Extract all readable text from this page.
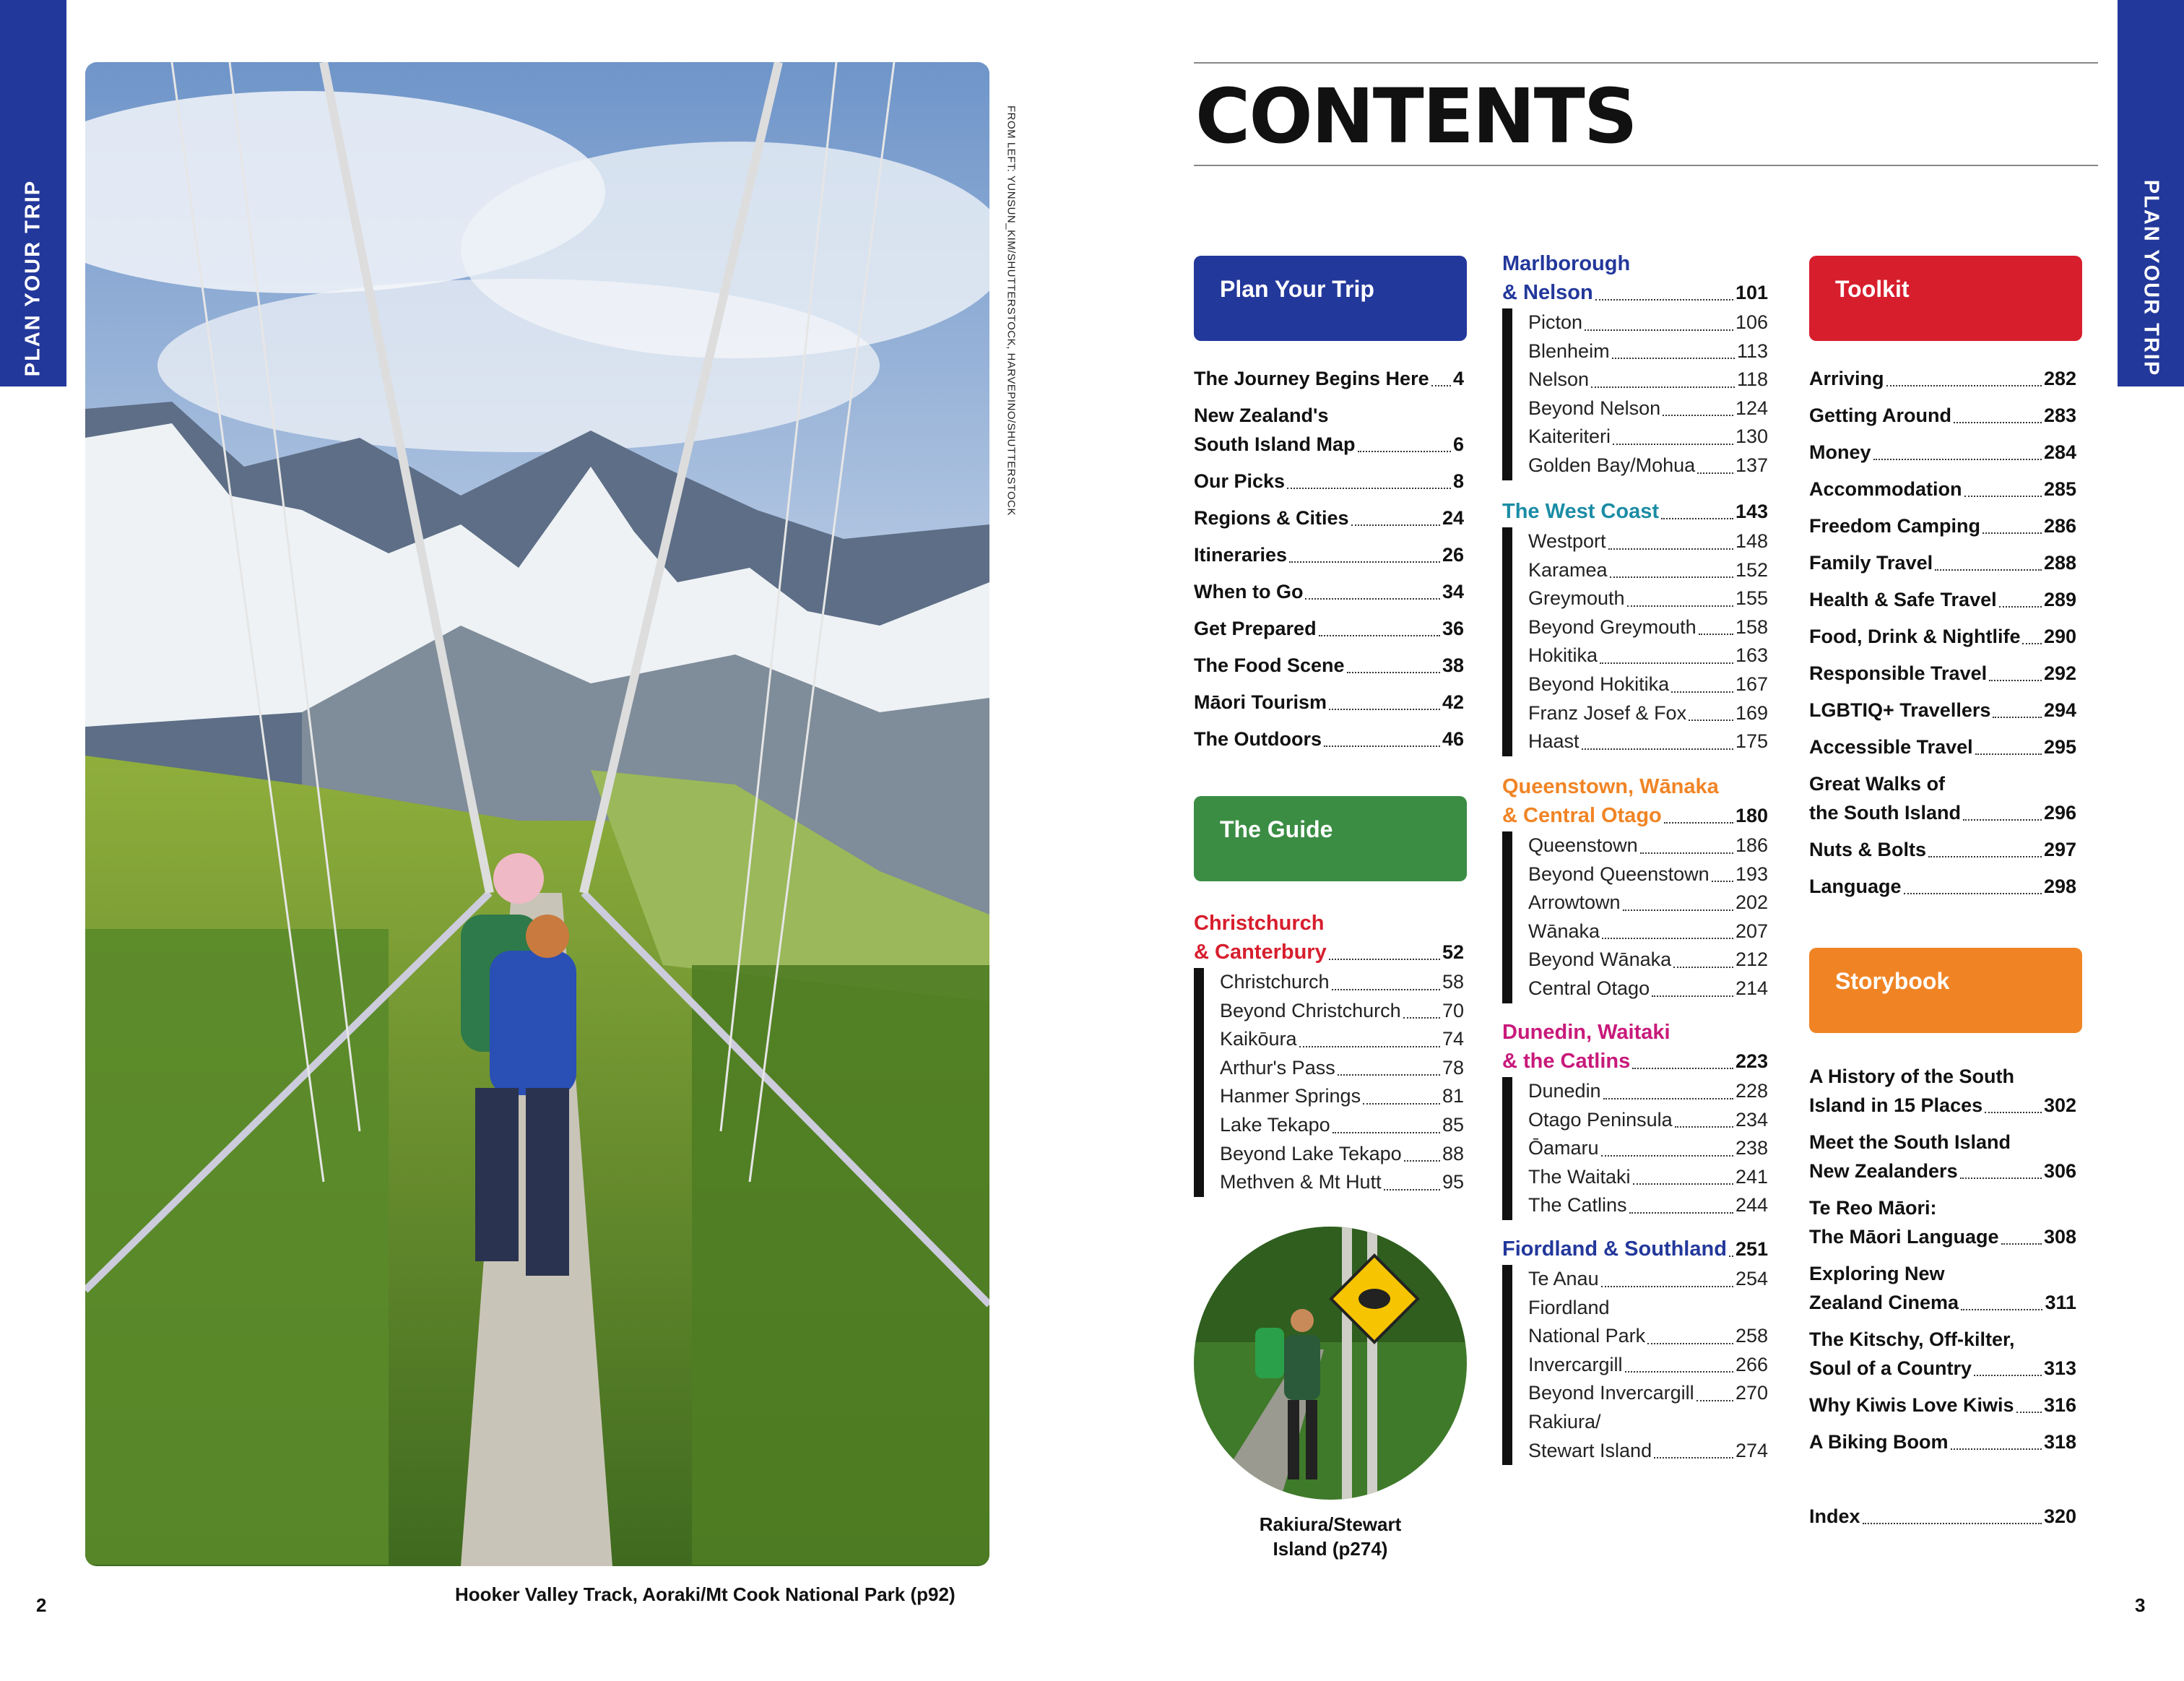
PLAN YOUR TRIP	PLAN YOUR TRIP
FROM LEFT: YUNSUN_KIM/SHUTTERSTOCK, HARVEPINO/SHUTTERSTOCK
Hooker Valley Track, Aoraki/Mt Cook National Park (p92)
2	3
CONTENTS
Plan Your Trip
The Journey Begins Here 4
New Zealand's
South Island Map	6
Our Picks	8
Regions & Cities	24
Itineraries	26
When to Go	34
Get Prepared	36
The Food Scene	38
Māori Tourism	42
The Outdoors	46
The Guide
Christchurch
& Canterbury	52
Christchurch	58
Beyond Christchurch 70
Kaikōura	74
Arthur's Pass	78
Hanmer Springs	81
Lake Tekapo	85
Beyond Lake Tekapo 88
Methven & Mt Hutt	95
Marlborough
& Nelson	101
Picton	106
Blenheim	113
Nelson	118
Beyond Nelson	124
Kaiteriteri	130
Golden Bay/Mohua 137
The West Coast	143
Westport	148
Karamea	152
Greymouth	155
Beyond Greymouth 158
Hokitika	163
Beyond Hokitika	167
Franz Josef & Fox	169
Haast	175
Queenstown, Wānaka
& Central Otago	180
Queenstown	186
Beyond Queenstown 193
Arrowtown	202
Wānaka	207
Beyond Wānaka	212
Central Otago	214
Dunedin, Waitaki
& the Catlins	223
Dunedin	228
Otago Peninsula	234
Ōamaru	238
The Waitaki	241
The Catlins	244
Fiordland & Southland 251
Te Anau	254
Fiordland
National Park	258
Invercargill	266
Beyond Invercargill 270
Rakiura/
Stewart Island	274
Rakiura/Stewart
Island (p274)
Toolkit
Arriving	282
Getting Around	283
Money	284
Accommodation	285
Freedom Camping	286
Family Travel	288
Health & Safe Travel 289
Food, Drink & Nightlife 290
Responsible Travel	292
LGBTIQ+ Travellers	294
Accessible Travel	295
Great Walks of
the South Island	296
Nuts & Bolts	297
Language	298
Storybook
A History of the South
Island in 15 Places	302
Meet the South Island
New Zealanders	306
Te Reo Māori:
The Māori Language 308
Exploring New
Zealand Cinema	311
The Kitschy, Off-kilter,
Soul of a Country	313
Why Kiwis Love Kiwis 316
A Biking Boom	318
Index	320
